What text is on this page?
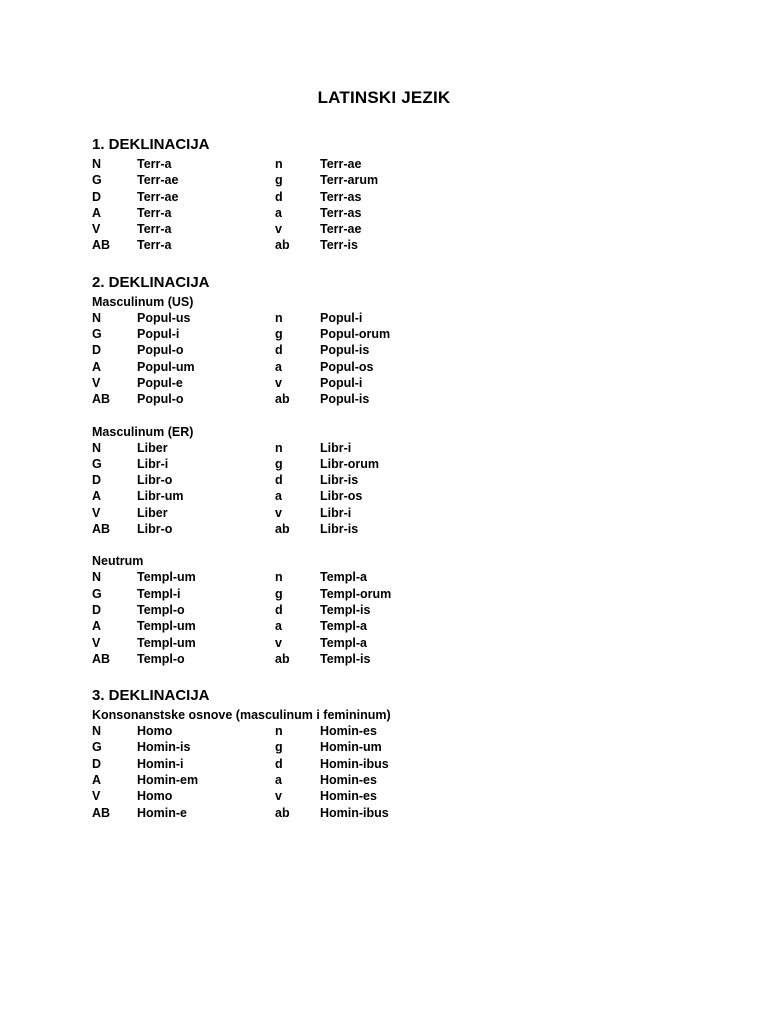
LATINSKI JEZIK
1. DEKLINACIJA
N	Terr-a	n	Terr-ae
G	Terr-ae	g	Terr-arum
D	Terr-ae	d	Terr-as
A	Terr-a	a	Terr-as
V	Terr-a	v	Terr-ae
AB Terr-a	ab Terr-is
2. DEKLINACIJA
Masculinum (US)
N	Popul-us	n	Popul-i
G	Popul-i	g	Popul-orum
D	Popul-o	d	Popul-is
A	Popul-um	a	Popul-os
V	Popul-e	v	Popul-i
AB Popul-o	ab Popul-is
Masculinum (ER)
N	Liber	n	Libr-i
G	Libr-i	g	Libr-orum
D	Libr-o	d	Libr-is
A	Libr-um	a	Libr-os
V	Liber	v	Libr-i
AB Libr-o	ab Libr-is
Neutrum
N	Templ-um	n	Templ-a
G	Templ-i	g	Templ-orum
D	Templ-o	d	Templ-is
A	Templ-um	a	Templ-a
V	Templ-um	v	Templ-a
AB Templ-o	ab Templ-is
3. DEKLINACIJA
Konsonanstske osnove (masculinum i femininum)
N	Homo	n	Homin-es
G	Homin-is	g	Homin-um
D	Homin-i	d	Homin-ibus
A	Homin-em	a	Homin-es
V	Homo	v	Homin-es
AB Homin-e	ab Homin-ibus
